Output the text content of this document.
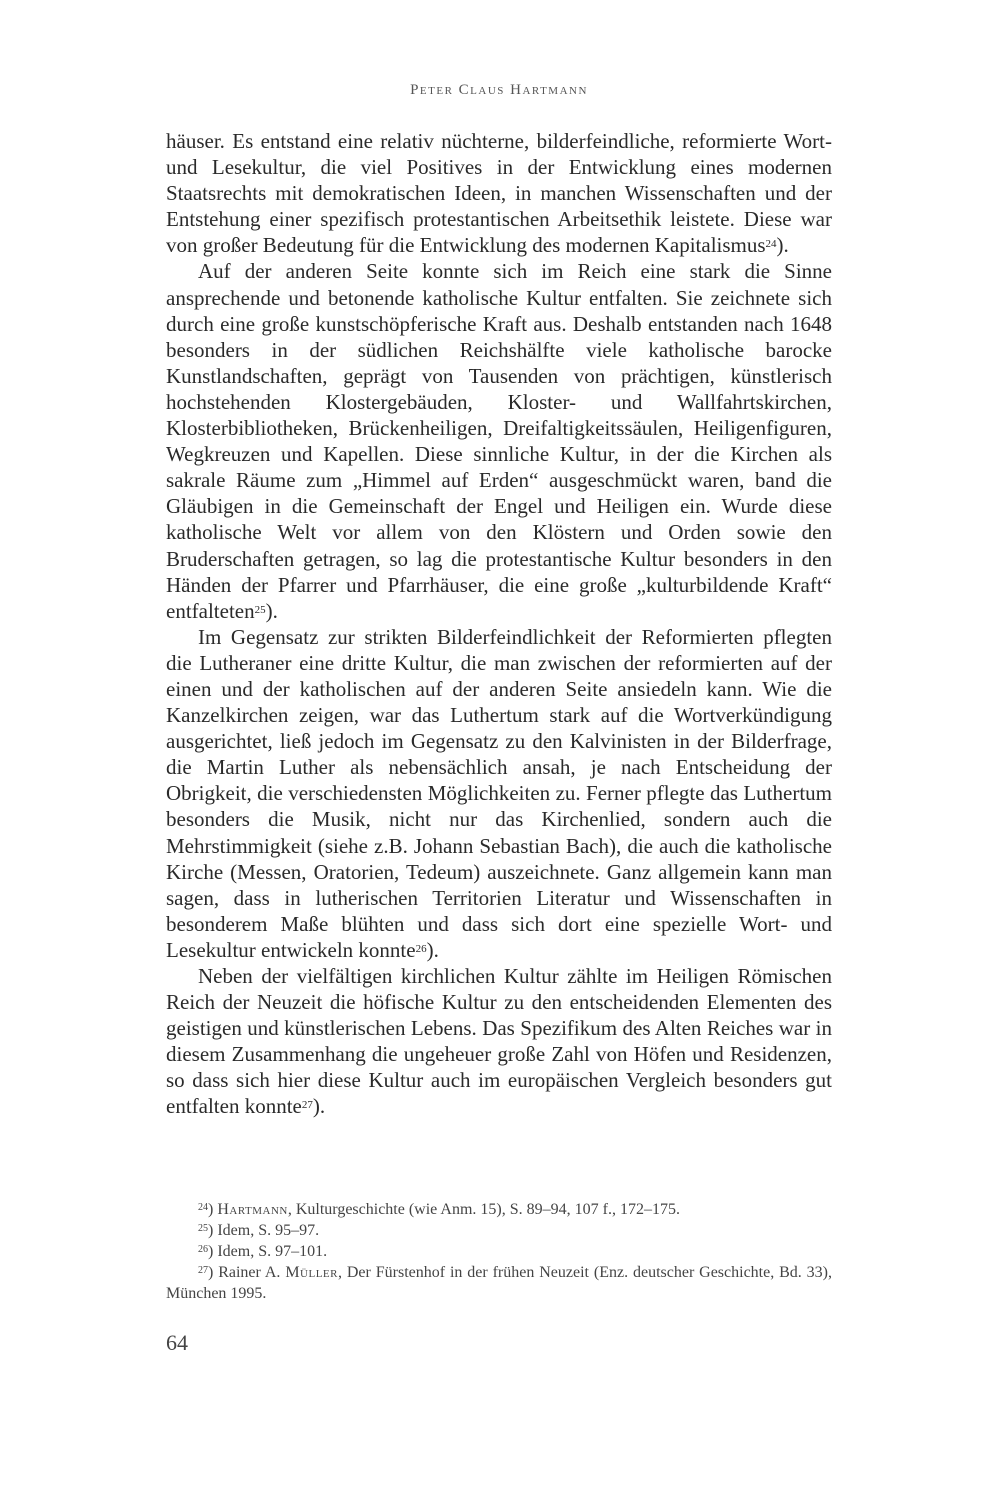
Peter Claus Hartmann

häuser. Es entstand eine relativ nüchterne, bilderfeindliche, reformierte Wort- und Lesekultur, die viel Positives in der Entwicklung eines modernen Staatsrechts mit demokratischen Ideen, in manchen Wissenschaften und der Entstehung einer spezifisch protestantischen Arbeitsethik leistete. Diese war von großer Bedeutung für die Entwicklung des modernen Kapitalismus$^{24}$).

Auf der anderen Seite konnte sich im Reich eine stark die Sinne ansprechende und betonende katholische Kultur entfalten. Sie zeichnete sich durch eine große kunstschöpferische Kraft aus. Deshalb entstanden nach 1648 besonders in der südlichen Reichshälfte viele katholische barocke Kunstlandschaften, geprägt von Tausenden von prächtigen, künstlerisch hochstehenden Klostergebäuden, Kloster- und Wallfahrtskirchen, Klosterbibliotheken, Brückenheiligen, Dreifaltigkeitssäulen, Heiligenfiguren, Wegkreuzen und Kapellen. Diese sinnliche Kultur, in der die Kirchen als sakrale Räume zum „Himmel auf Erden“ ausgeschmückt waren, band die Gläubigen in die Gemeinschaft der Engel und Heiligen ein. Wurde diese katholische Welt vor allem von den Klöstern und Orden sowie den Bruderschaften getragen, so lag die protestantische Kultur besonders in den Händen der Pfarrer und Pfarrhäuser, die eine große „kulturbildende Kraft“ entfalteten$^{25}$).

Im Gegensatz zur strikten Bilderfeindlichkeit der Reformierten pflegten die Lutheraner eine dritte Kultur, die man zwischen der reformierten auf der einen und der katholischen auf der anderen Seite ansiedeln kann. Wie die Kanzelkirchen zeigen, war das Luthertum stark auf die Wortverkündigung ausgerichtet, ließ jedoch im Gegensatz zu den Kalvinisten in der Bilderfrage, die Martin Luther als nebensächlich ansah, je nach Entscheidung der Obrigkeit, die verschiedensten Möglichkeiten zu. Ferner pflegte das Luthertum besonders die Musik, nicht nur das Kirchenlied, sondern auch die Mehrstimmigkeit (siehe z.B. Johann Sebastian Bach), die auch die katholische Kirche (Messen, Oratorien, Tedeum) auszeichnete. Ganz allgemein kann man sagen, dass in lutherischen Territorien Literatur und Wissenschaften in besonderem Maße blühten und dass sich dort eine spezielle Wort- und Lesekultur entwickeln konnte$^{26}$).

Neben der vielfältigen kirchlichen Kultur zählte im Heiligen Römischen Reich der Neuzeit die höfische Kultur zu den entscheidenden Elementen des geistigen und künstlerischen Lebens. Das Spezifikum des Alten Reiches war in diesem Zusammenhang die ungeheuer große Zahl von Höfen und Residenzen, so dass sich hier diese Kultur auch im europäischen Vergleich besonders gut entfalten konnte$^{27}$).

$^{24}$) Hartmann, Kulturgeschichte (wie Anm. 15), S. 89–94, 107 f., 172–175.

$^{25}$) Idem, S. 95–97.

$^{26}$) Idem, S. 97–101.

$^{27}$) Rainer A. Müller, Der Fürstenhof in der frühen Neuzeit (Enz. deutscher Geschichte, Bd. 33), München 1995.

64
